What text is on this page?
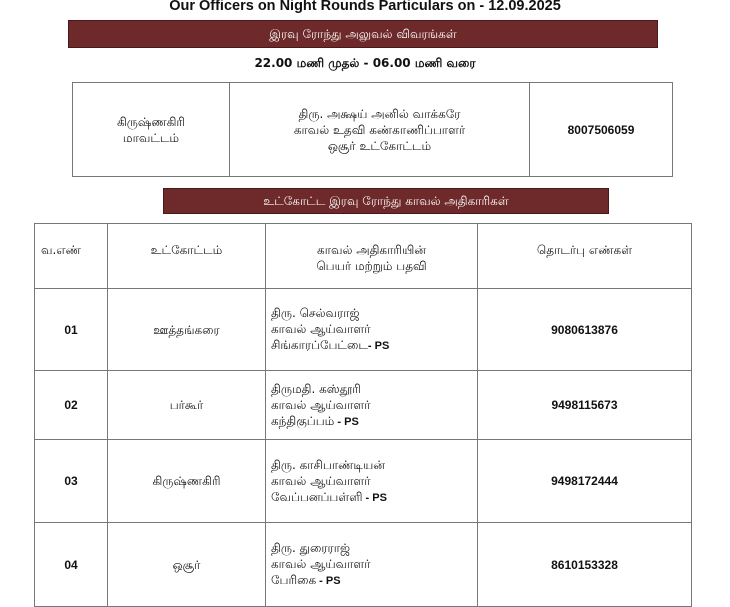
Our Officers on Night Rounds Particulars on - 12.09.2025
இரவு ரோந்து அலுவல் விவரங்கள்
22.00 மணி முதல் - 06.00 மணி வரை
கிருஷ்ணகிரி
மாவட்டம்

திரு. அக்ஷய் அனில் வாக்கரே
காவல் உதவி கண்காணிப்பாளர்
ஒசூர் உட்கோட்டம்
	8007506059
உட்கோட்ட இரவு ரோந்து காவல் அதிகாரிகள்
வ.எண்	உட்கோட்டம்	காவல் அதிகாரியின்
பெயர் மற்றும் பதவி	தொடர்பு எண்கள்
01	ஊத்தங்கரை	திரு. செல்வராஜ்
காவல் ஆய்வாளர்
சிங்காரப்பேட்டை- PS	9080613876
02	பர்கூர்	திருமதி. கஸ்தூரி
காவல் ஆய்வாளர்
கந்திகுப்பம் - PS	9498115673
03	கிருஷ்ணகிரி	திரு. காசிபாண்டியன்
காவல் ஆய்வாளர்
வேப்பனப்பள்ளி - PS	9498172444
04	ஒசூர்	திரு. துரைராஜ்
காவல் ஆய்வாளர்
பேரிகை - PS	8610153328
